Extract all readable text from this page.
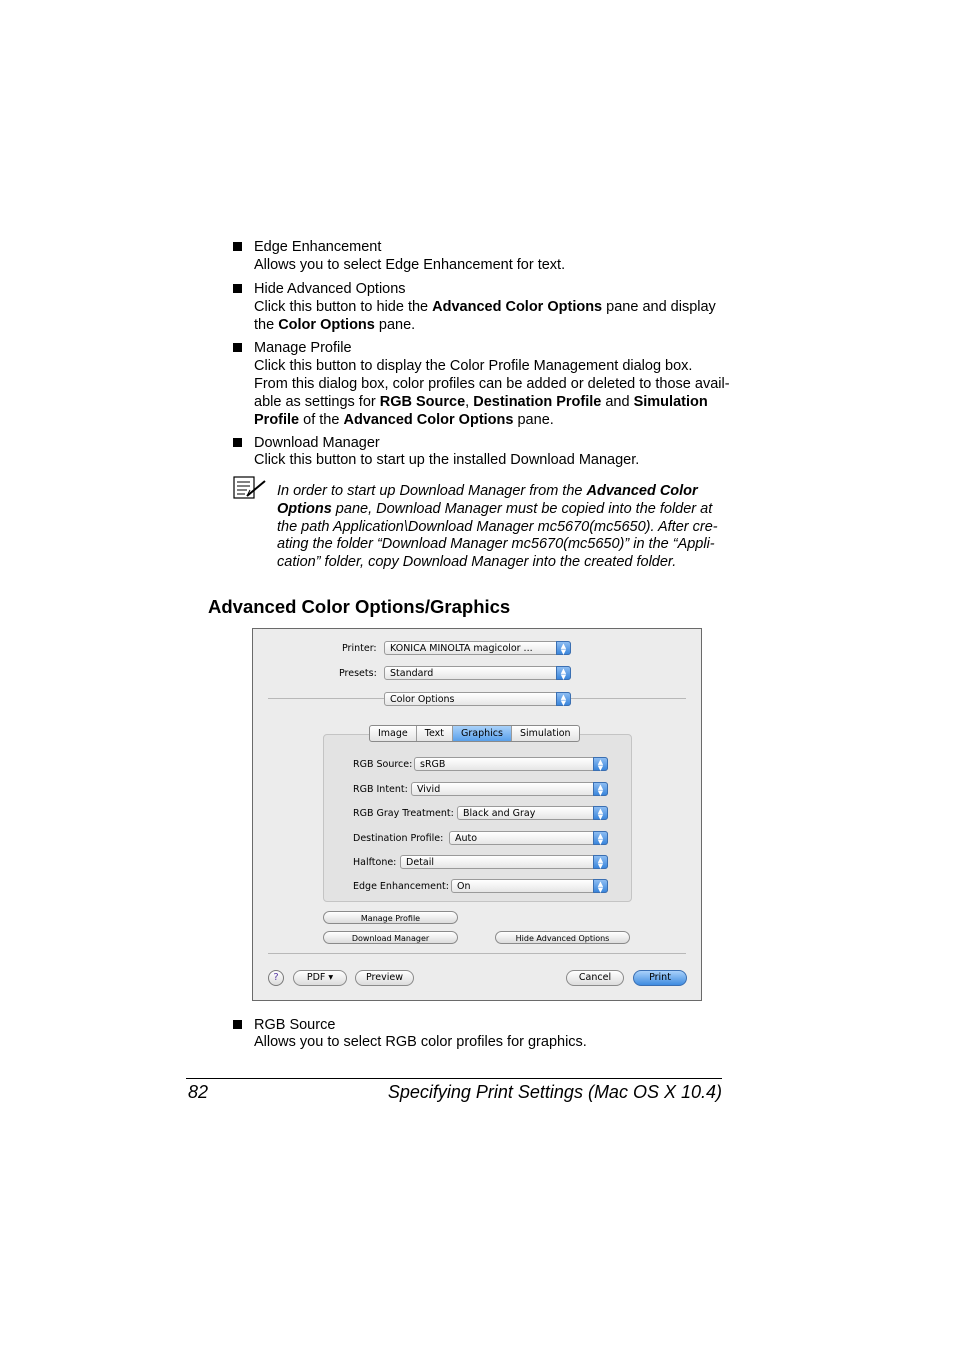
Edge Enhancement
Allows you to select Edge Enhancement for text.
Hide Advanced Options
Click this button to hide the Advanced Color Options pane and display
the Color Options pane.
Manage Profile
Click this button to display the Color Profile Management dialog box.
From this dialog box, color profiles can be added or deleted to those avail-
able as settings for RGB Source, Destination Profile and Simulation
Profile of the Advanced Color Options pane.
Download Manager
Click this button to start up the installed Download Manager.
In order to start up Download Manager from the Advanced Color
Options pane, Download Manager must be copied into the folder at
the path Application\Download Manager mc5670(mc5650). After cre-
ating the folder “Download Manager mc5670(mc5650)” in the “Appli-
cation” folder, copy Download Manager into the created folder.
Advanced Color Options/Graphics
Printer: KONICA MINOLTA magicolor ...	▲
▼
Presets: Standard	▲
▼
Color Options	▲
▼
RGB Source: sRGB	▲
▼
RGB Intent: Vivid	▲
▼
RGB Gray Treatment: Black and Gray	▲
▼
Destination Profile: Auto	▲
▼
Halftone: Detail	▲
▼
Edge Enhancement: On	▲
▼
Image	Text	Graphics	Simulation
Manage Profile
Download Manager	Hide Advanced Options
?	PDF ▾	Preview	Cancel	Print
RGB Source
Allows you to select RGB color profiles for graphics.
82	Specifying Print Settings (Mac OS X 10.4)
